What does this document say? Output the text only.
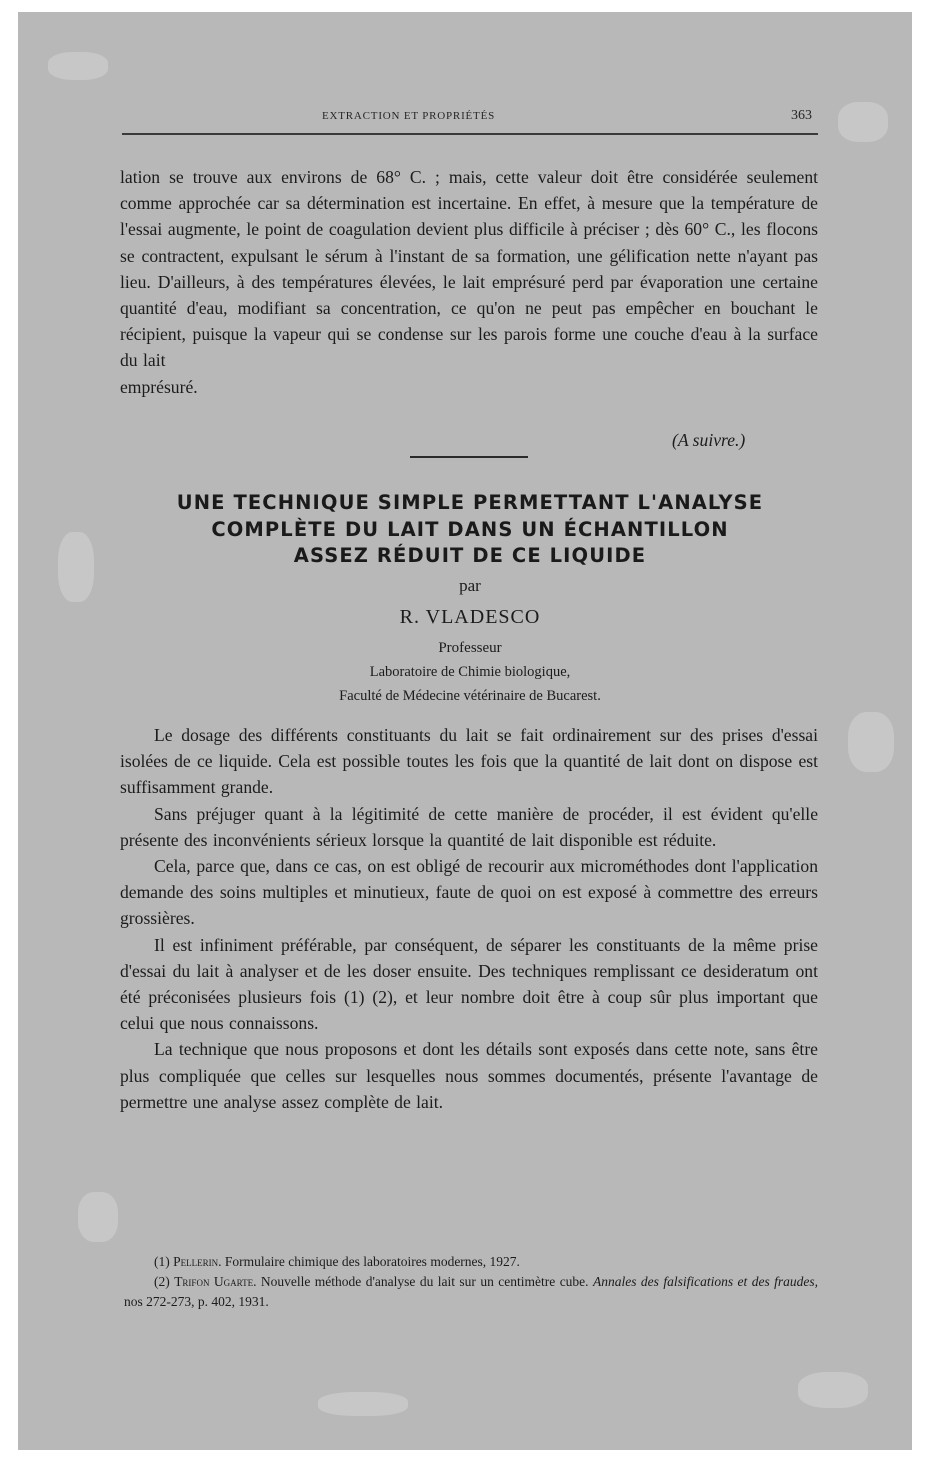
EXTRACTION ET PROPRIÉTÉS	363
lation se trouve aux environs de 68° C. ; mais, cette valeur doit être considérée seulement comme approchée car sa détermination est incertaine. En effet, à mesure que la température de l'essai augmente, le point de coagulation devient plus difficile à préciser ; dès 60° C., les flocons se contractent, expulsant le sérum à l'instant de sa formation, une gélification nette n'ayant pas lieu. D'ailleurs, à des températures élevées, le lait emprésuré perd par évaporation une certaine quantité d'eau, modifiant sa concentration, ce qu'on ne peut pas empêcher en bouchant le récipient, puisque la vapeur qui se condense sur les parois forme une couche d'eau à la surface du lait
emprésuré.
(A suivre.)
UNE TECHNIQUE SIMPLE PERMETTANT L'ANALYSE
COMPLÈTE DU LAIT DANS UN ÉCHANTILLON
ASSEZ RÉDUIT DE CE LIQUIDE
par
R. VLADESCO
Professeur
Laboratoire de Chimie biologique,
Faculté de Médecine vétérinaire de Bucarest.

Le dosage des différents constituants du lait se fait ordinairement sur des prises d'essai isolées de ce liquide. Cela est possible toutes les fois que la quantité de lait dont on dispose est suffisamment grande.

Sans préjuger quant à la légitimité de cette manière de procéder, il est évident qu'elle présente des inconvénients sérieux lorsque la quantité de lait disponible est réduite.

Cela, parce que, dans ce cas, on est obligé de recourir aux microméthodes dont l'application demande des soins multiples et minutieux, faute de quoi on est exposé à commettre des erreurs grossières.

Il est infiniment préférable, par conséquent, de séparer les constituants de la même prise d'essai du lait à analyser et de les doser ensuite. Des techniques remplissant ce desideratum ont été préconisées plusieurs fois (1) (2), et leur nombre doit être à coup sûr plus important que celui que nous connaissons.

La technique que nous proposons et dont les détails sont exposés dans cette note, sans être plus compliquée que celles sur lesquelles nous sommes documentés, présente l'avantage de permettre une analyse assez complète de lait.

(1) Pellerin. Formulaire chimique des laboratoires modernes, 1927.

(2) Trifon Ugarte. Nouvelle méthode d'analyse du lait sur un centimètre cube. Annales des falsifications et des fraudes, nos 272-273, p. 402, 1931.
